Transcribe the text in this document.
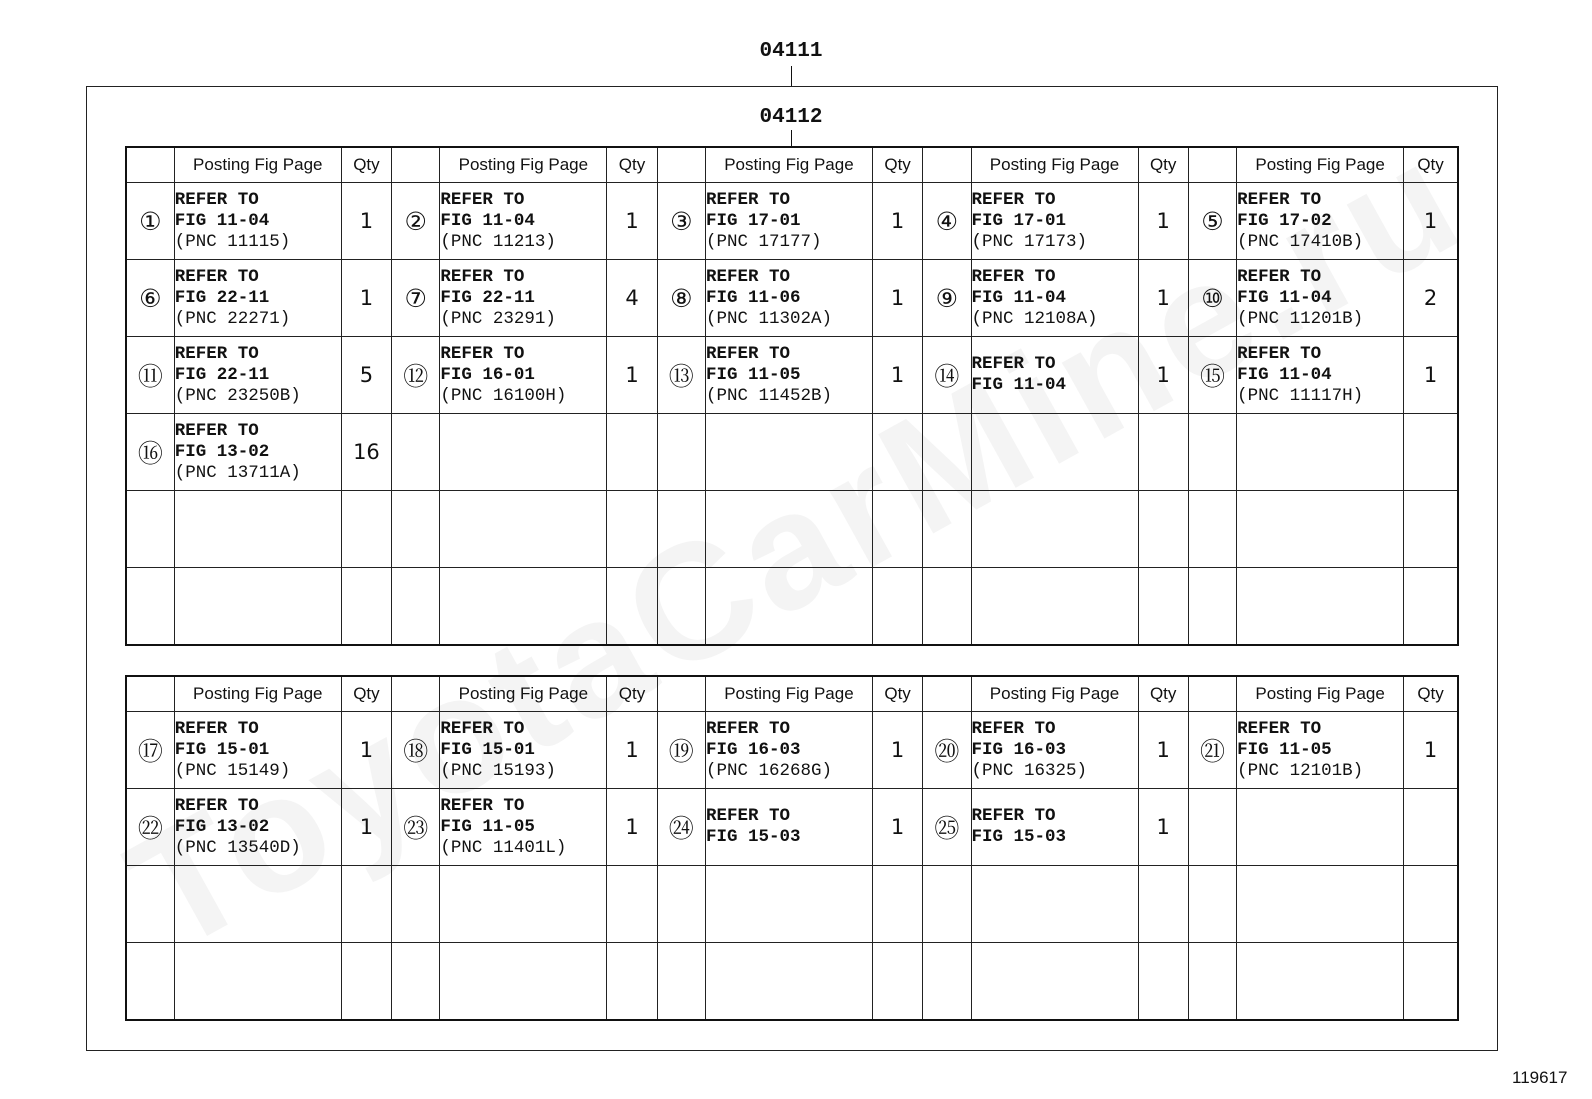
04111
04112
	Posting Fig Page	Qty		Posting Fig Page	Qty		Posting Fig Page	Qty		Posting Fig Page	Qty		Posting Fig Page	Qty
①	REFER TO
FIG 11-04
(PNC 11115)	1	②	REFER TO
FIG 11-04
(PNC 11213)	1	③	REFER TO
FIG 17-01
(PNC 17177)	1	④	REFER TO
FIG 17-01
(PNC 17173)	1	⑤	REFER TO
FIG 17-02
(PNC 17410B)	1
⑥	REFER TO
FIG 22-11
(PNC 22271)	1	⑦	REFER TO
FIG 22-11
(PNC 23291)	4	⑧	REFER TO
FIG 11-06
(PNC 11302A)	1	⑨	REFER TO
FIG 11-04
(PNC 12108A)	1	⑩	REFER TO
FIG 11-04
(PNC 11201B)	2
⑪	REFER TO
FIG 22-11
(PNC 23250B)	5	⑫	REFER TO
FIG 16-01
(PNC 16100H)	1	⑬	REFER TO
FIG 11-05
(PNC 11452B)	1	⑭	REFER TO
FIG 11-04	1	⑮	REFER TO
FIG 11-04
(PNC 11117H)	1
⑯	REFER TO
FIG 13-02
(PNC 13711A)	16		

	Posting Fig Page	Qty		Posting Fig Page	Qty		Posting Fig Page	Qty		Posting Fig Page	Qty		Posting Fig Page	Qty
⑰	REFER TO
FIG 15-01
(PNC 15149)	1	⑱	REFER TO
FIG 15-01
(PNC 15193)	1	⑲	REFER TO
FIG 16-03
(PNC 16268G)	1	⑳	REFER TO
FIG 16-03
(PNC 16325)	1	㉑	REFER TO
FIG 11-05
(PNC 12101B)	1
㉒	REFER TO
FIG 13-02
(PNC 13540D)	1	㉓	REFER TO
FIG 11-05
(PNC 11401L)	1	㉔	REFER TO
FIG 15-03	1	㉕	REFER TO
FIG 15-03	1		

119617
